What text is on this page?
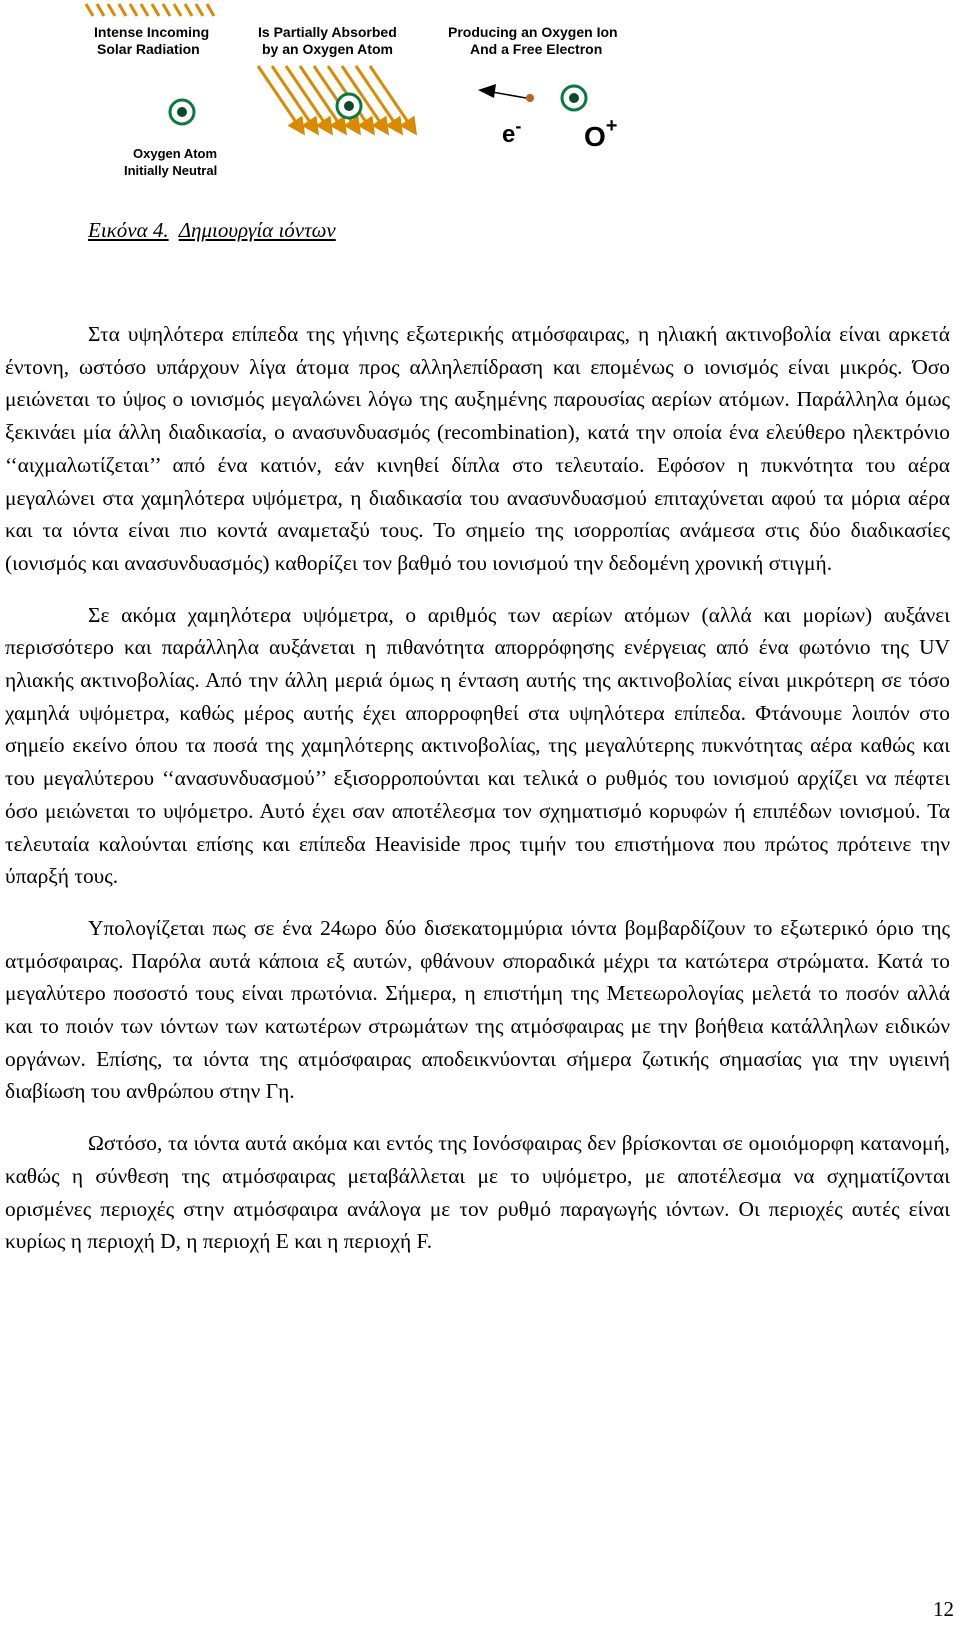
Intense Incoming
Solar Radiation
Oxygen Atom
Initially Neutral
Is Partially Absorbed
by an Oxygen Atom
Producing an Oxygen Ion
And a Free Electron
e- O+
Εικόνα 4. Δημιουργία ιόντων

Στα υψηλότερα επίπεδα της γήινης εξωτερικής ατμόσφαιρας, η ηλιακή ακτινοβολία είναι αρκετά έντονη, ωστόσο υπάρχουν λίγα άτομα προς αλληλεπίδραση και επομένως ο ιονισμός είναι μικρός. Όσο μειώνεται το ύψος ο ιονισμός μεγαλώνει λόγω της αυξημένης παρουσίας αερίων ατόμων. Παράλληλα όμως ξεκινάει μία άλλη διαδικασία, ο ανασυνδυασμός (recombination), κατά την οποία ένα ελεύθερο ηλεκτρόνιο ‘‘αιχμαλωτίζεται’’ από ένα κατιόν, εάν κινηθεί δίπλα στο τελευταίο. Εφόσον η πυκνότητα του αέρα μεγαλώνει στα χαμηλότερα υψόμετρα, η διαδικασία του ανασυνδυασμού επιταχύνεται αφού τα μόρια αέρα και τα ιόντα είναι πιο κοντά αναμεταξύ τους. Το σημείο της ισορροπίας ανάμεσα στις δύο διαδικασίες (ιονισμός και ανασυνδυασμός) καθορίζει τον βαθμό του ιονισμού την δεδομένη χρονική στιγμή.

Σε ακόμα χαμηλότερα υψόμετρα, ο αριθμός των αερίων ατόμων (αλλά και μορίων) αυξάνει περισσότερο και παράλληλα αυξάνεται η πιθανότητα απορρόφησης ενέργειας από ένα φωτόνιο της UV ηλιακής ακτινοβολίας. Από την άλλη μεριά όμως η ένταση αυτής της ακτινοβολίας είναι μικρότερη σε τόσο χαμηλά υψόμετρα, καθώς μέρος αυτής έχει απορροφηθεί στα υψηλότερα επίπεδα. Φτάνουμε λοιπόν στο σημείο εκείνο όπου τα ποσά της χαμηλότερης ακτινοβολίας, της μεγαλύτερης πυκνότητας αέρα καθώς και του μεγαλύτερου ‘‘ανασυνδυασμού’’ εξισορροπούνται και τελικά ο ρυθμός του ιονισμού αρχίζει να πέφτει όσο μειώνεται το υψόμετρο. Αυτό έχει σαν αποτέλεσμα τον σχηματισμό κορυφών ή επιπέδων ιονισμού. Τα τελευταία καλούνται επίσης και επίπεδα Heaviside προς τιμήν του επιστήμονα που πρώτος πρότεινε την ύπαρξή τους.

Υπολογίζεται πως σε ένα 24ωρο δύο δισεκατομμύρια ιόντα βομβαρδίζουν το εξωτερικό όριο της ατμόσφαιρας. Παρόλα αυτά κάποια εξ αυτών, φθάνουν σποραδικά μέχρι τα κατώτερα στρώματα. Κατά το μεγαλύτερο ποσοστό τους είναι πρωτόνια. Σήμερα, η επιστήμη της Μετεωρολογίας μελετά το ποσόν αλλά και το ποιόν των ιόντων των κατωτέρων στρωμάτων της ατμόσφαιρας με την βοήθεια κατάλληλων ειδικών οργάνων. Επίσης, τα ιόντα της ατμόσφαιρας αποδεικνύονται σήμερα ζωτικής σημασίας για την υγιεινή διαβίωση του ανθρώπου στην Γη.

Ωστόσο, τα ιόντα αυτά ακόμα και εντός της Ιονόσφαιρας δεν βρίσκονται σε ομοιόμορφη κατανομή, καθώς η σύνθεση της ατμόσφαιρας μεταβάλλεται με το υψόμετρο, με αποτέλεσμα να σχηματίζονται ορισμένες περιοχές στην ατμόσφαιρα ανάλογα με τον ρυθμό παραγωγής ιόντων. Οι περιοχές αυτές είναι κυρίως η περιοχή D, η περιοχή E και η περιοχή F.

12
